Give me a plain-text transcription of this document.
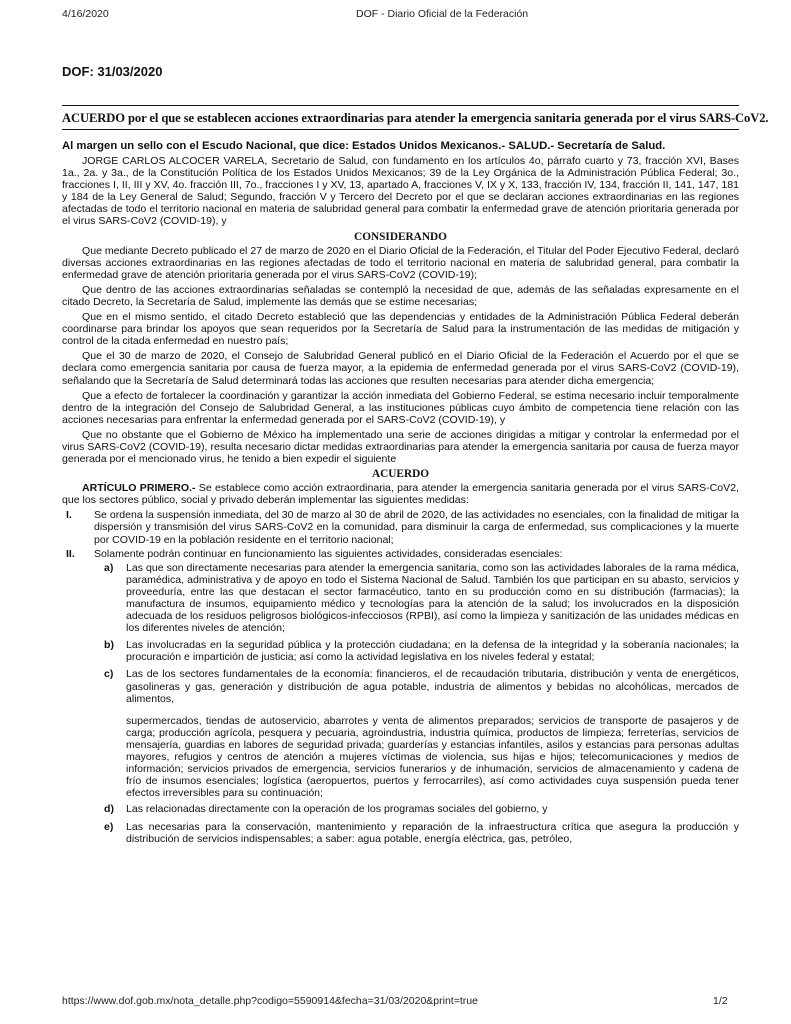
4/16/2020	DOF - Diario Oficial de la Federación

DOF: 31/03/2020

ACUERDO por el que se establecen acciones extraordinarias para atender la emergencia sanitaria generada por el virus SARS-CoV2.
Al margen un sello con el Escudo Nacional, que dice: Estados Unidos Mexicanos.- SALUD.- Secretaría de Salud.

JORGE CARLOS ALCOCER VARELA, Secretario de Salud, con fundamento en los artículos 4o, párrafo cuarto y 73, fracción XVI, Bases 1a., 2a. y 3a., de la Constitución Política de los Estados Unidos Mexicanos; 39 de la Ley Orgánica de la Administración Pública Federal; 3o., fracciones I, II, III y XV, 4o. fracción III, 7o., fracciones I y XV, 13, apartado A, fracciones V, IX y X, 133, fracción IV, 134, fracción II, 141, 147, 181 y 184 de la Ley General de Salud; Segundo, fracción V y Tercero del Decreto por el que se declaran acciones extraordinarias en las regiones afectadas de todo el territorio nacional en materia de salubridad general para combatir la enfermedad grave de atención prioritaria generada por el virus SARS-CoV2 (COVID-19), y

CONSIDERANDO

Que mediante Decreto publicado el 27 de marzo de 2020 en el Diario Oficial de la Federación, el Titular del Poder Ejecutivo Federal, declaró diversas acciones extraordinarias en las regiones afectadas de todo el territorio nacional en materia de salubridad general, para combatir la enfermedad grave de atención prioritaria generada por el virus SARS-CoV2 (COVID-19);

Que dentro de las acciones extraordinarias señaladas se contempló la necesidad de que, además de las señaladas expresamente en el citado Decreto, la Secretaría de Salud, implemente las demás que se estime necesarias;

Que en el mismo sentido, el citado Decreto estableció que las dependencias y entidades de la Administración Pública Federal deberán coordinarse para brindar los apoyos que sean requeridos por la Secretaría de Salud para la instrumentación de las medidas de mitigación y control de la citada enfermedad en nuestro país;

Que el 30 de marzo de 2020, el Consejo de Salubridad General publicó en el Diario Oficial de la Federación el Acuerdo por el que se declara como emergencia sanitaria por causa de fuerza mayor, a la epidemia de enfermedad generada por el virus SARS-CoV2 (COVID-19), señalando que la Secretaría de Salud determinará todas las acciones que resulten necesarias para atender dicha emergencia;

Que a efecto de fortalecer la coordinación y garantizar la acción inmediata del Gobierno Federal, se estima necesario incluir temporalmente dentro de la integración del Consejo de Salubridad General, a las instituciones públicas cuyo ámbito de competencia tiene relación con las acciones necesarias para enfrentar la enfermedad generada por el SARS-CoV2 (COVID-19), y

Que no obstante que el Gobierno de México ha implementado una serie de acciones dirigidas a mitigar y controlar la enfermedad por el virus SARS-CoV2 (COVID-19), resulta necesario dictar medidas extraordinarias para atender la emergencia sanitaria por causa de fuerza mayor generada por el mencionado virus, he tenido a bien expedir el siguiente

ACUERDO

ARTÍCULO PRIMERO.- Se establece como acción extraordinaria, para atender la emergencia sanitaria generada por el virus SARS-CoV2, que los sectores público, social y privado deberán implementar las siguientes medidas:

I.	Se ordena la suspensión inmediata, del 30 de marzo al 30 de abril de 2020, de las actividades no esenciales, con la finalidad de mitigar la dispersión y transmisión del virus SARS-CoV2 en la comunidad, para disminuir la carga de enfermedad, sus complicaciones y la muerte por COVID-19 en la población residente en el territorio nacional;
II.	Solamente podrán continuar en funcionamiento las siguientes actividades, consideradas esenciales:
a)	Las que son directamente necesarias para atender la emergencia sanitaria, como son las actividades laborales de la rama médica, paramédica, administrativa y de apoyo en todo el Sistema Nacional de Salud. También los que participan en su abasto, servicios y proveeduría, entre las que destacan el sector farmacéutico, tanto en su producción como en su distribución (farmacias); la manufactura de insumos, equipamiento médico y tecnologías para la atención de la salud; los involucrados en la disposición adecuada de los residuos peligrosos biológicos-infecciosos (RPBI), así como la limpieza y sanitización de las unidades médicas en los diferentes niveles de atención;
b)	Las involucradas en la seguridad pública y la protección ciudadana; en la defensa de la integridad y la soberanía nacionales; la procuración e impartición de justicia; así como la actividad legislativa en los niveles federal y estatal;
c)	Las de los sectores fundamentales de la economía: financieros, el de recaudación tributaria, distribución y venta de energéticos, gasolineras y gas, generación y distribución de agua potable, industria de alimentos y bebidas no alcohólicas, mercados de alimentos,
supermercados, tiendas de autoservicio, abarrotes y venta de alimentos preparados; servicios de transporte de pasajeros y de carga; producción agrícola, pesquera y pecuaria, agroindustria, industria química, productos de limpieza; ferreterías, servicios de mensajería, guardias en labores de seguridad privada; guarderías y estancias infantiles, asilos y estancias para personas adultas mayores, refugios y centros de atención a mujeres víctimas de violencia, sus hijas e hijos; telecomunicaciones y medios de información; servicios privados de emergencia, servicios funerarios y de inhumación, servicios de almacenamiento y cadena de frío de insumos esenciales; logística (aeropuertos, puertos y ferrocarriles), así como actividades cuya suspensión pueda tener efectos irreversibles para su continuación;
d)	Las relacionadas directamente con la operación de los programas sociales del gobierno, y
e)	Las necesarias para la conservación, mantenimiento y reparación de la infraestructura crítica que asegura la producción y distribución de servicios indispensables; a saber: agua potable, energía eléctrica, gas, petróleo,
https://www.dof.gob.mx/nota_detalle.php?codigo=5590914&fecha=31/03/2020&print=true	1/2
